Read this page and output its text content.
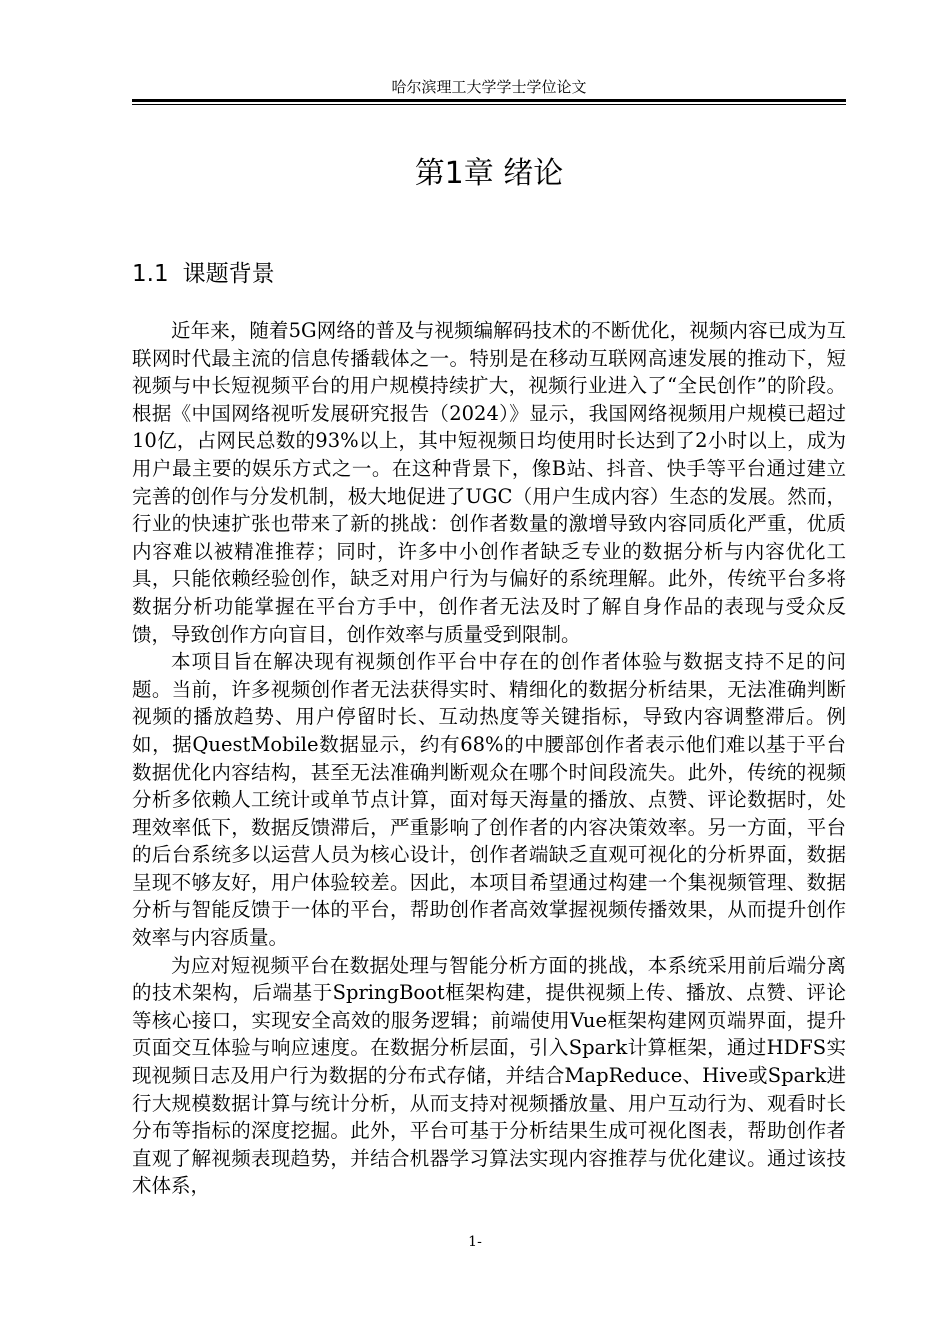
哈尔滨理工大学学士学位论文
第1章 绪论
1.1 课题背景

近年来，随着5G网络的普及与视频编解码技术的不断优化，视频内容已成为互联网时代最主流的信息传播载体之一。特别是在移动互联网高速发展的推动下，短视频与中长短视频平台的用户规模持续扩大，视频行业进入了“全民创作”的阶段。根据《中国网络视听发展研究报告（2024）》显示，我国网络视频用户规模已超过10亿，占网民总数的93%以上，其中短视频日均使用时长达到了2小时以上，成为用户最主要的娱乐方式之一。在这种背景下，像B站、抖音、快手等平台通过建立完善的创作与分发机制，极大地促进了UGC（用户生成内容）生态的发展。然而，行业的快速扩张也带来了新的挑战：创作者数量的激增导致内容同质化严重，优质内容难以被精准推荐；同时，许多中小创作者缺乏专业的数据分析与内容优化工具，只能依赖经验创作，缺乏对用户行为与偏好的系统理解。此外，传统平台多将数据分析功能掌握在平台方手中，创作者无法及时了解自身作品的表现与受众反馈，导致创作方向盲目，创作效率与质量受到限制。

本项目旨在解决现有视频创作平台中存在的创作者体验与数据支持不足的问题。当前，许多视频创作者无法获得实时、精细化的数据分析结果，无法准确判断视频的播放趋势、用户停留时长、互动热度等关键指标，导致内容调整滞后。例如，据QuestMobile数据显示，约有68%的中腰部创作者表示他们难以基于平台数据优化内容结构，甚至无法准确判断观众在哪个时间段流失。此外，传统的视频分析多依赖人工统计或单节点计算，面对每天海量的播放、点赞、评论数据时，处理效率低下，数据反馈滞后，严重影响了创作者的内容决策效率。另一方面，平台的后台系统多以运营人员为核心设计，创作者端缺乏直观可视化的分析界面，数据呈现不够友好，用户体验较差。因此，本项目希望通过构建一个集视频管理、数据分析与智能反馈于一体的平台，帮助创作者高效掌握视频传播效果，从而提升创作效率与内容质量。

为应对短视频平台在数据处理与智能分析方面的挑战，本系统采用前后端分离的技术架构，后端基于SpringBoot框架构建，提供视频上传、播放、点赞、评论等核心接口，实现安全高效的服务逻辑；前端使用Vue框架构建网页端界面，提升页面交互体验与响应速度。在数据分析层面，引入Spark计算框架，通过HDFS实现视频日志及用户行为数据的分布式存储，并结合MapReduce、Hive或Spark进行大规模数据计算与统计分析，从而支持对视频播放量、用户互动行为、观看时长分布等指标的深度挖掘。此外，平台可基于分析结果生成可视化图表，帮助创作者直观了解视频表现趋势，并结合机器学习算法实现内容推荐与优化建议。通过该技术体系，

1-
